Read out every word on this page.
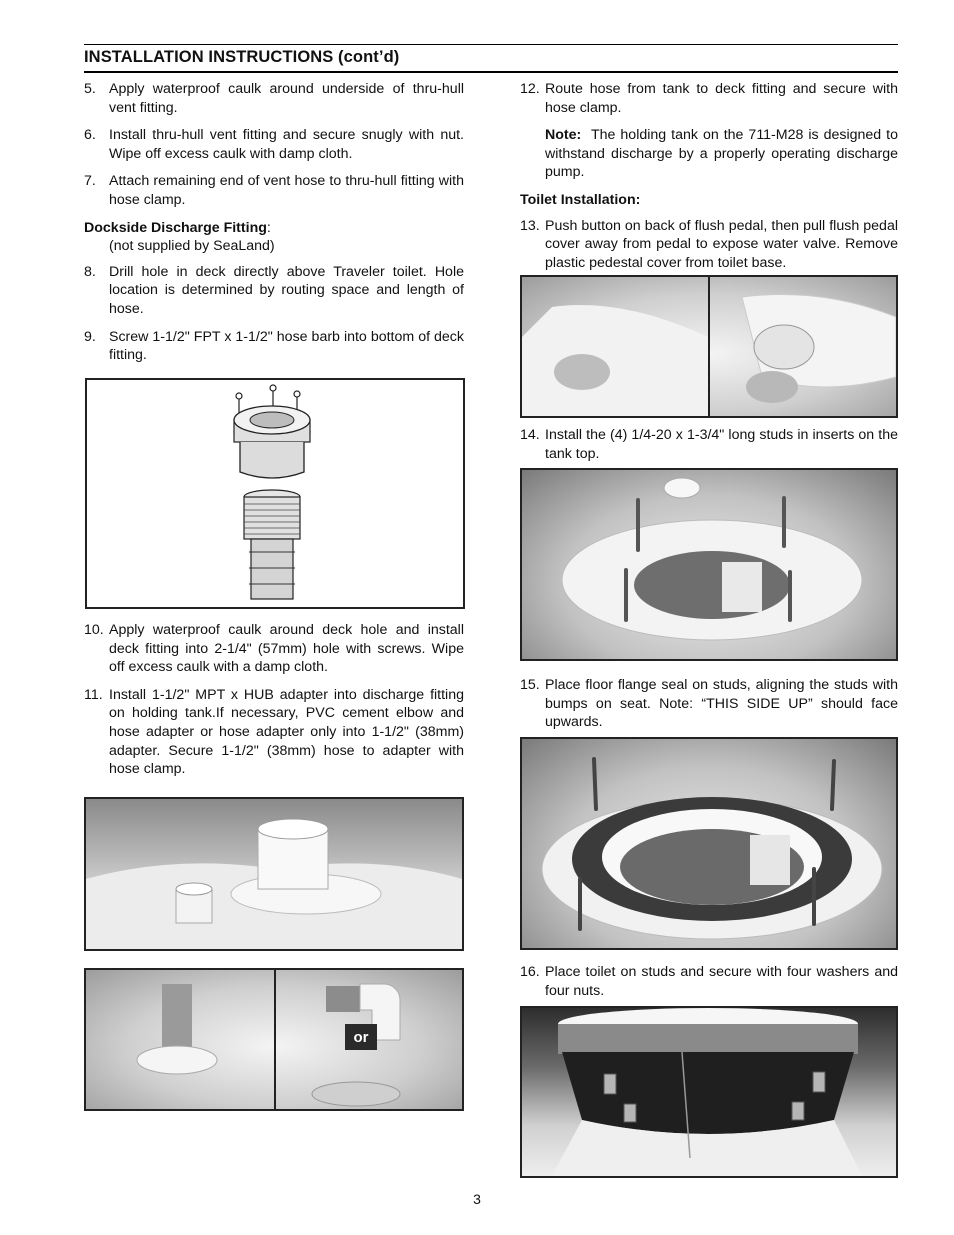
INSTALLATION INSTRUCTIONS (cont’d)
5. Apply waterproof caulk around underside of thru-hull vent fitting.
6. Install thru-hull vent fitting and secure snugly with nut. Wipe off excess caulk with damp cloth.
7. Attach remaining end of vent hose to thru-hull fitting with hose clamp.
Dockside Discharge Fitting:
(not supplied by SeaLand)
8. Drill hole in deck directly above Traveler toilet. Hole location is determined by routing space and length of hose.
9. Screw 1-1/2" FPT x 1-1/2" hose barb into bottom of deck fitting.
10. Apply waterproof caulk around deck hole and install deck fitting into 2-1/4" (57mm) hole with screws. Wipe off excess caulk with a damp cloth.
11. Install 1-1/2" MPT x HUB adapter into discharge fitting on holding tank.If necessary, PVC cement elbow and hose adapter or hose adapter only into 1-1/2" (38mm) adapter. Secure 1-1/2" (38mm) hose to adapter with hose clamp.
or
12. Route hose from tank to deck fitting and secure with hose clamp.
Note: The holding tank on the 711-M28 is designed to withstand discharge by a properly operating discharge pump.
Toilet Installation:
13. Push button on back of flush pedal, then pull flush pedal cover away from pedal to expose water valve. Remove plastic pedestal cover from toilet base.
14. Install the (4) 1/4-20 x 1-3/4" long studs in inserts on the tank top.
15. Place floor flange seal on studs, aligning the studs with bumps on seat. Note: “THIS SIDE UP” should face upwards.
16. Place toilet on studs and secure with four washers and four nuts.
3
